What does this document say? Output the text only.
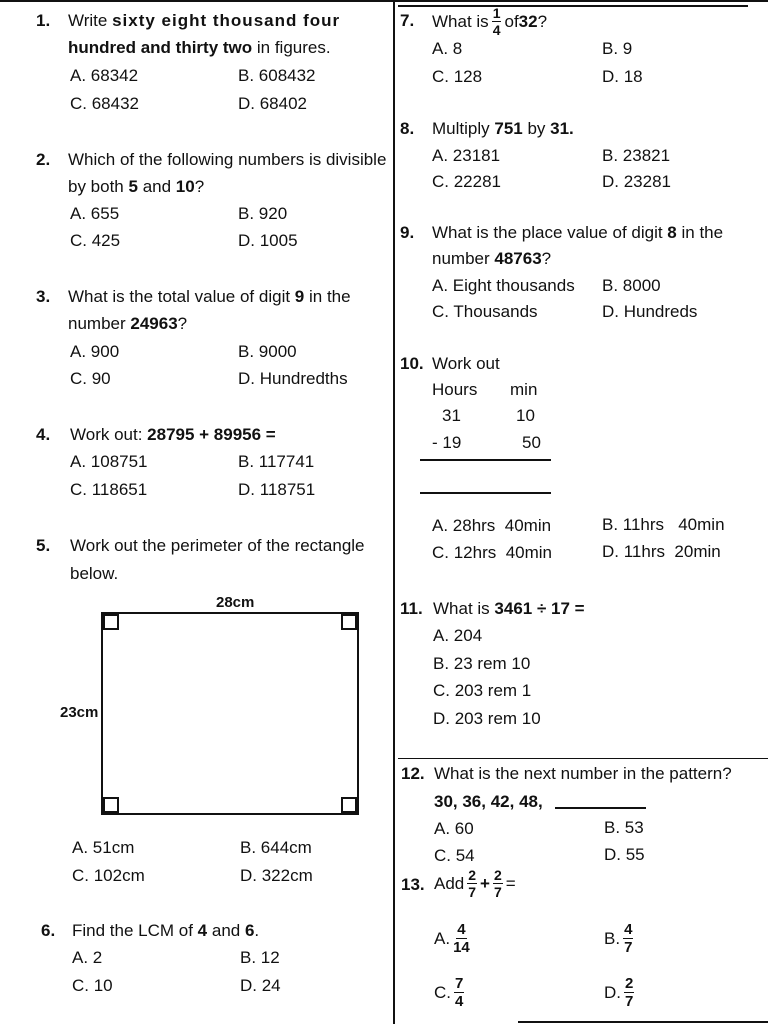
1. Write sixty eight thousand four
hundred and thirty two in figures.
A. 68342	B. 608432
C. 68432	D. 68402
2. Which of the following numbers is divisible
by both 5 and 10?
A. 655	B. 920
C. 425	D. 1005
3. What is the total value of digit 9 in the
number 24963?
A. 900	B. 9000
C. 90	D. Hundredths
4. Work out: 28795 + 89956 =
A. 108751	B. 117741
C. 118651	D. 118751
5. Work out the perimeter of the rectangle
below.
28cm
23cm
A. 51cm	B. 644cm
C. 102cm	D. 322cm
6. Find the LCM of 4 and 6.
A. 2	B. 12
C. 10	D. 24
7. What is $\frac{1}{4}$ of 32 ?
A. 8	B. 9
C. 128	D. 18
8. Multiply 751 by 31.
A. 23181	B. 23821
C. 22281	D. 23281
9. What is the place value of digit 8 in the
number 48763?
A. Eight thousands B. 8000
C. Thousands	D. Hundreds
10. Work out
Hours min
31	10
- 19	50
A. 28hrs  40min	B. 11hrs   40min
C. 12hrs  40min	D. 11hrs  20min
11. What is 3461 ÷ 17 =
A. 204
B. 23 rem 10
C. 203 rem 1
D. 203 rem 10
12. What is the next number in the pattern?
30, 36, 42, 48,
A. 60	B. 53
C. 54	D. 55
13. Add $\frac{2}{7} + \frac{2}{7}$ =
A. $\frac{4}{14}$	B. $\frac{4}{7}$
C. $\frac{7}{4}$	D. $\frac{2}{7}$
